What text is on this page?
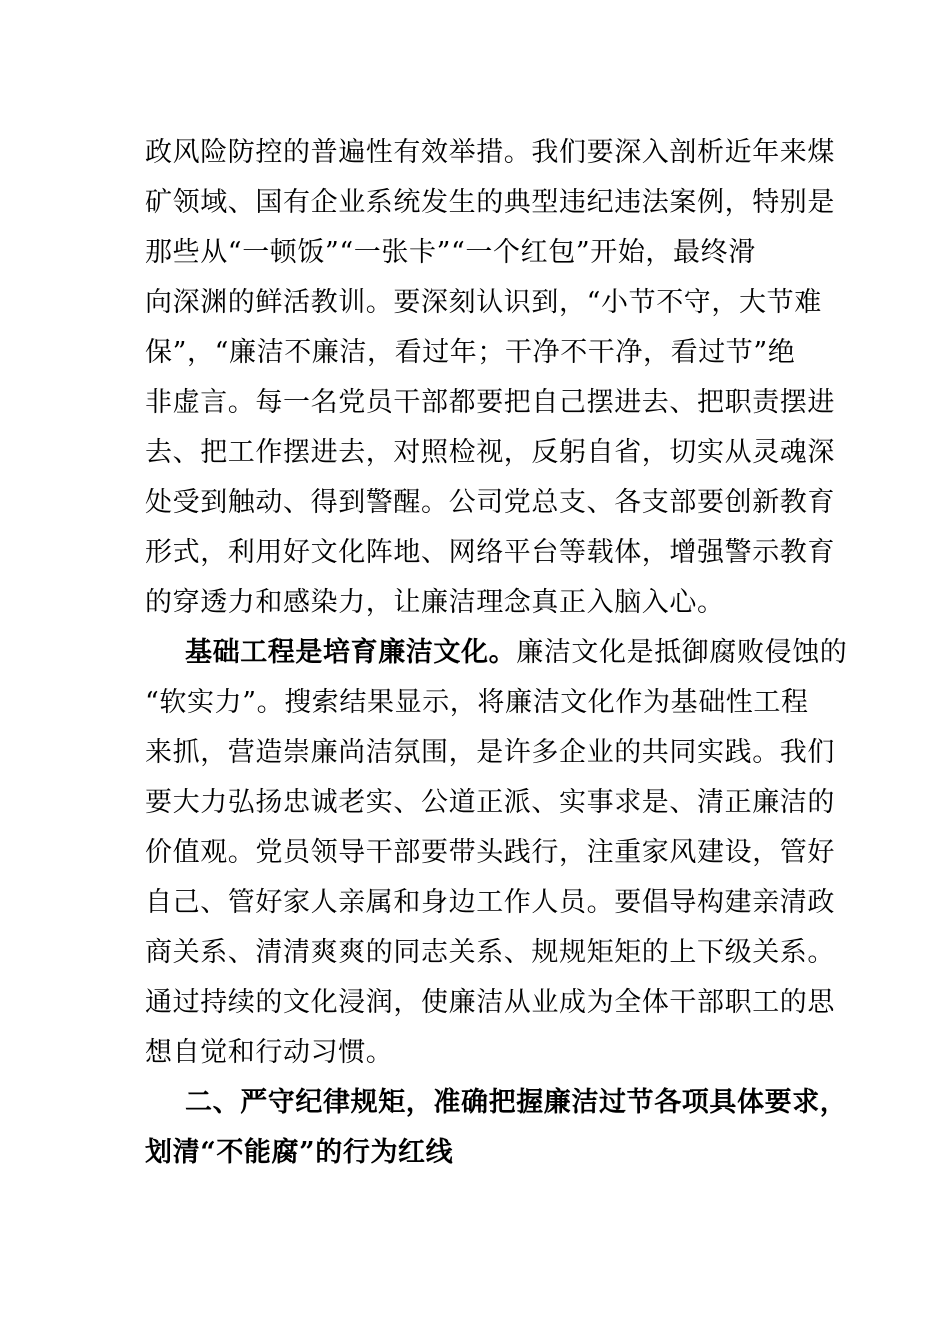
政风险防控的普遍性有效举措。我们要深入剖析近年来煤
矿领域、国有企业系统发生的典型违纪违法案例，特别是
那些从“一顿饭”“一张卡”“一个红包”开始，最终滑
向深渊的鲜活教训。要深刻认识到，“小节不守，大节难
保”，“廉洁不廉洁，看过年；干净不干净，看过节”绝
非虚言。每一名党员干部都要把自己摆进去、把职责摆进
去、把工作摆进去，对照检视，反躬自省，切实从灵魂深
处受到触动、得到警醒。公司党总支、各支部要创新教育
形式，利用好文化阵地、网络平台等载体，增强警示教育
的穿透力和感染力，让廉洁理念真正入脑入心。
基础工程是培育廉洁文化。廉洁文化是抵御腐败侵蚀的
“软实力”。搜索结果显示，将廉洁文化作为基础性工程
来抓，营造崇廉尚洁氛围，是许多企业的共同实践。我们
要大力弘扬忠诚老实、公道正派、实事求是、清正廉洁的
价值观。党员领导干部要带头践行，注重家风建设，管好
自己、管好家人亲属和身边工作人员。要倡导构建亲清政
商关系、清清爽爽的同志关系、规规矩矩的上下级关系。
通过持续的文化浸润，使廉洁从业成为全体干部职工的思
想自觉和行动习惯。
二、严守纪律规矩，准确把握廉洁过节各项具体要求，
划清“不能腐”的行为红线
